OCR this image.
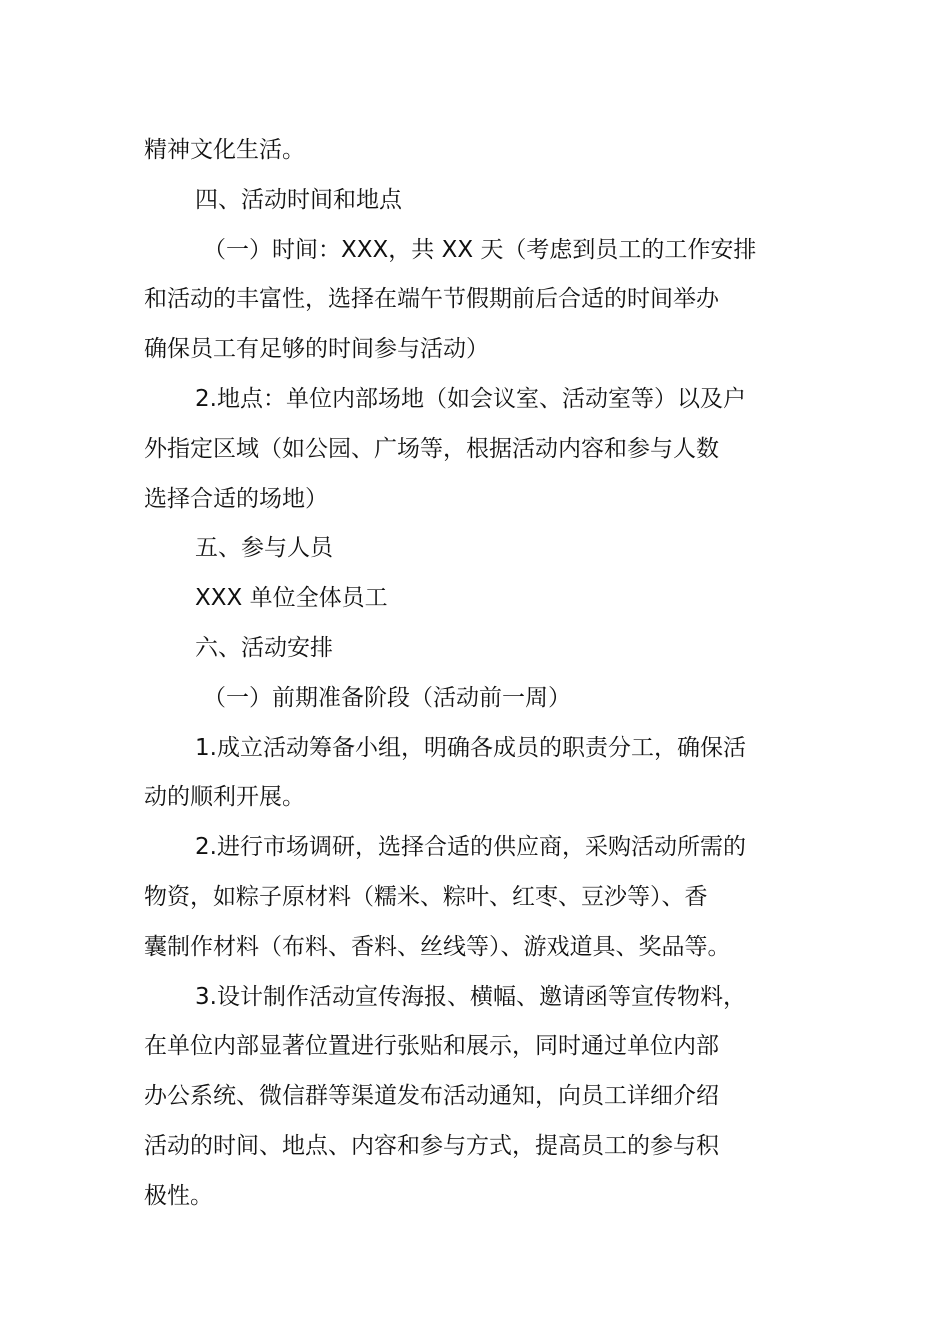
精神文化生活。
四、活动时间和地点
（一）时间：XXX，共 XX 天（考虑到员工的工作安排
和活动的丰富性，选择在端午节假期前后合适的时间举办
确保员工有足够的时间参与活动）
2.地点：单位内部场地（如会议室、活动室等）以及户
外指定区域（如公园、广场等，根据活动内容和参与人数
选择合适的场地）
五、参与人员
XXX 单位全体员工
六、活动安排
（一）前期准备阶段（活动前一周）
1.成立活动筹备小组，明确各成员的职责分工，确保活
动的顺利开展。
2.进行市场调研，选择合适的供应商，采购活动所需的
物资，如粽子原材料（糯米、粽叶、红枣、豆沙等）、香
囊制作材料（布料、香料、丝线等）、游戏道具、奖品等。
3.设计制作活动宣传海报、横幅、邀请函等宣传物料，
在单位内部显著位置进行张贴和展示，同时通过单位内部
办公系统、微信群等渠道发布活动通知，向员工详细介绍
活动的时间、地点、内容和参与方式，提高员工的参与积
极性。
